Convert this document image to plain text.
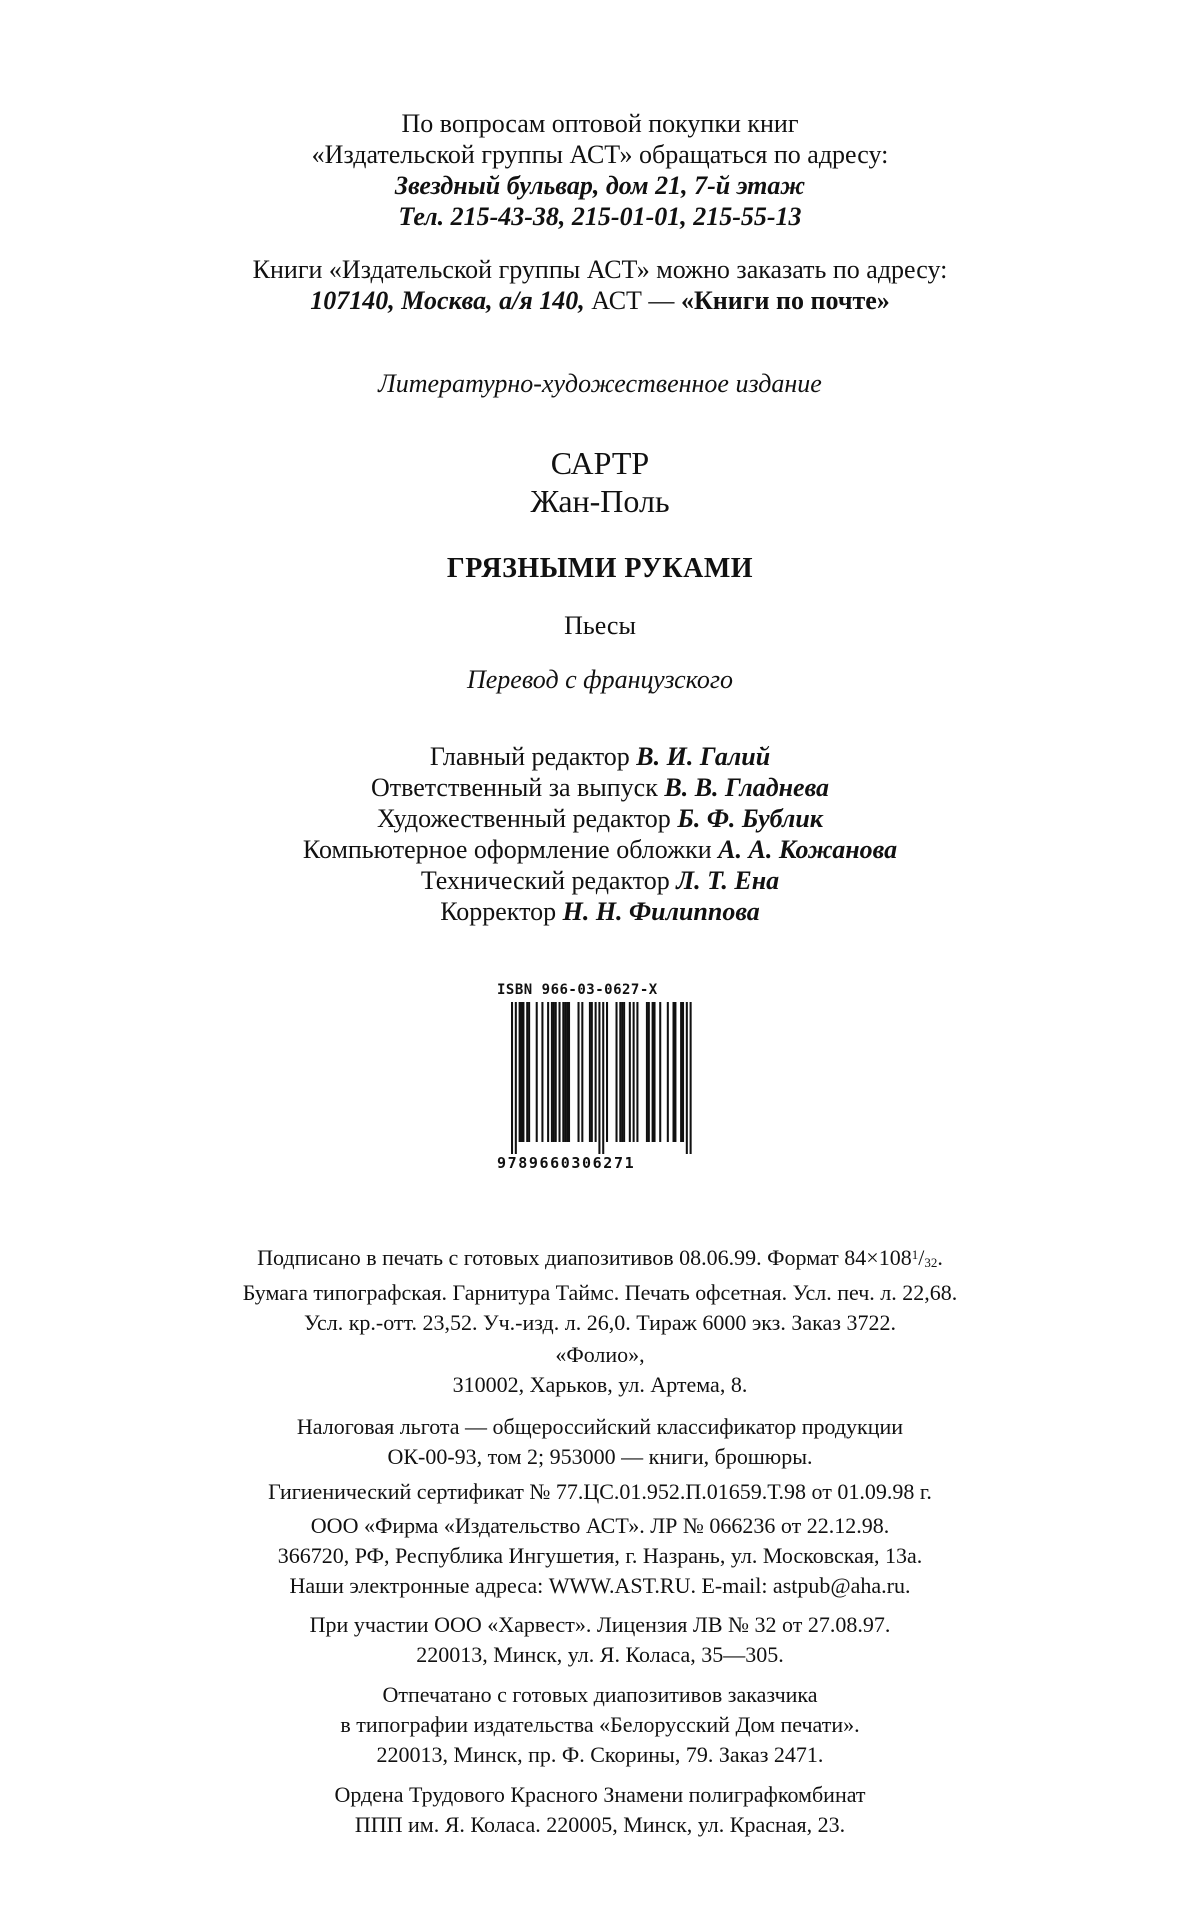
По вопросам оптовой покупки книг
«Издательской группы АСТ» обращаться по адресу:
Звездный бульвар, дом 21, 7-й этаж
Тел. 215-43-38, 215-01-01, 215-55-13
Книги «Издательской группы АСТ» можно заказать по адресу:
107140, Москва, а/я 140, АСТ — «Книги по почте»
Литературно-художественное издание
САРТР
Жан-Поль
ГРЯЗНЫМИ РУКАМИ
Пьесы
Перевод с французского
Главный редактор В. И. Галий
Ответственный за выпуск В. В. Гладнева
Художественный редактор Б. Ф. Бублик
Компьютерное оформление обложки А. А. Кожанова
Технический редактор Л. Т. Ена
Корректор Н. Н. Филиппова
ISBN 966-03-0627-X
9789660306271
Подписано в печать с готовых диапозитивов 08.06.99. Формат $84\times 108^1/_{32}$.
Бумага типографская. Гарнитура Таймс. Печать офсетная. Усл. печ. л. 22,68.
Усл. кр.-отт. 23,52. Уч.-изд. л. 26,0. Тираж 6000 экз. Заказ 3722.
«Фолио»,
310002, Харьков, ул. Артема, 8.
Налоговая льгота — общероссийский классификатор продукции
ОК-00-93, том 2; 953000 — книги, брошюры.
Гигиенический сертификат № 77.ЦС.01.952.П.01659.Т.98 от 01.09.98 г.
ООО «Фирма «Издательство АСТ». ЛР № 066236 от 22.12.98.
366720, РФ, Республика Ингушетия, г. Назрань, ул. Московская, 13а.
Наши электронные адреса: WWW.AST.RU. E-mail: astpub@aha.ru.
При участии ООО «Харвест». Лицензия ЛВ № 32 от 27.08.97.
220013, Минск, ул. Я. Коласа, 35—305.
Отпечатано с готовых диапозитивов заказчика
в типографии издательства «Белорусский Дом печати».
220013, Минск, пр. Ф. Скорины, 79. Заказ 2471.
Ордена Трудового Красного Знамени полиграфкомбинат
ППП им. Я. Коласа. 220005, Минск, ул. Красная, 23.
